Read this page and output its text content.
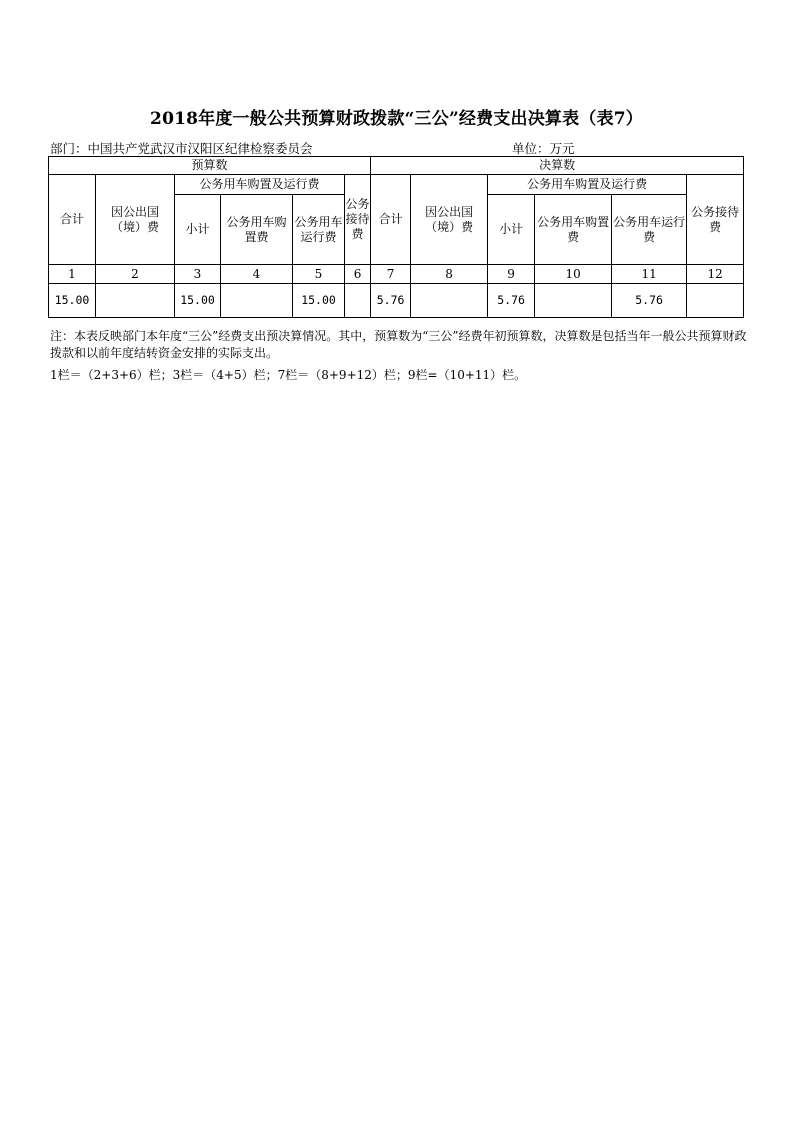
2018年度一般公共预算财政拨款“三公”经费支出决算表（表7）
部门：中国共产党武汉市汉阳区纪律检察委员会	单位：万元
预算数						决算数					
合计	因公出国（境）费	公务用车购置及运行费			公务接待费	合计	因公出国（境）费	公务用车购置及运行费			公务接待费
		小计	公务用车购置费	公务用车运行费				小计	公务用车购置费	公务用车运行费	
1	2	3	4	5	6	7	8	9	10	11	12
15.00		15.00		15.00		5.76		5.76		5.76	
注：本表反映部门本年度“三公”经费支出预决算情况。其中，预算数为“三公”经费年初预算数，决算数是包括当年一般公共预算财政拨款和以前年度结转资金安排的实际支出。
1栏＝（2+3+6）栏；3栏＝（4+5）栏；7栏＝（8+9+12）栏；9栏=（10+11）栏。
